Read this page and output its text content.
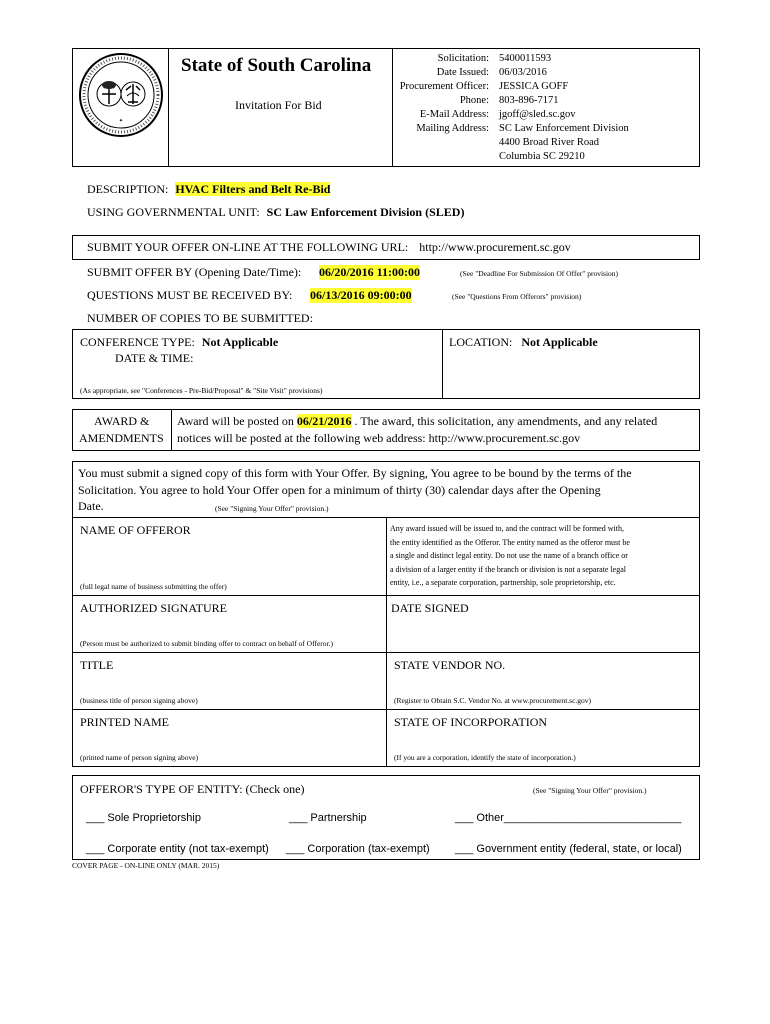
✦
State of South Carolina
Invitation For Bid
Solicitation: 5400011593
Date Issued: 06/03/2016
Procurement Officer: JESSICA GOFF
Phone: 803-896-7171
E-Mail Address: jgoff@sled.sc.gov
Mailing Address: SC Law Enforcement Division
4400 Broad River Road
Columbia SC 29210
DESCRIPTION: HVAC Filters and Belt Re-Bid
USING GOVERNMENTAL UNIT: SC Law Enforcement Division (SLED)
SUBMIT YOUR OFFER ON-LINE AT THE FOLLOWING URL: http://www.procurement.sc.gov
SUBMIT OFFER BY (Opening Date/Time): 06/20/2016 11:00:00	(See "Deadline For Submission Of Offer" provision)
QUESTIONS MUST BE RECEIVED BY: 06/13/2016 09:00:00	(See "Questions From Offerors" provision)
NUMBER OF COPIES TO BE SUBMITTED:
CONFERENCE TYPE: Not Applicable
DATE & TIME:
(As appropriate, see "Conferences - Pre-Bid/Proposal" & "Site Visit" provisions)
LOCATION: Not Applicable
AWARD &
AMENDMENTS
Award will be posted on 06/21/2016 . The award, this solicitation, any amendments, and any related
notices will be posted at the following web address: http://www.procurement.sc.gov
You must submit a signed copy of this form with Your Offer. By signing, You agree to be bound by the terms of the
Solicitation. You agree to hold Your Offer open for a minimum of thirty (30) calendar days after the Opening
Date.	(See "Signing Your Offer" provision.)
NAME OF OFFEROR
(full legal name of business submitting the offer)
Any award issued will be issued to, and the contract will be formed with,
the entity identified as the Offeror. The entity named as the offeror must be
a single and distinct legal entity. Do not use the name of a branch office or
a division of a larger entity if the branch or division is not a separate legal
entity, i.e., a separate corporation, partnership, sole proprietorship, etc.
AUTHORIZED SIGNATURE
(Person must be authorized to submit binding offer to contract on behalf of Offeror.)
DATE SIGNED
TITLE
(business title of person signing above)
STATE VENDOR NO.
(Register to Obtain S.C. Vendor No. at www.procurement.sc.gov)
PRINTED NAME
(printed name of person signing above)
STATE OF INCORPORATION
(If you are a corporation, identify the state of incorporation.)
OFFEROR'S TYPE OF ENTITY: (Check one)	(See "Signing Your Offer" provision.)
___ Sole Proprietorship	___ Partnership	___ Other_____________________________
___ Corporate entity (not tax-exempt) ___ Corporation (tax-exempt) ___ Government entity (federal, state, or local)
COVER PAGE - ON-LINE ONLY (MAR. 2015)
